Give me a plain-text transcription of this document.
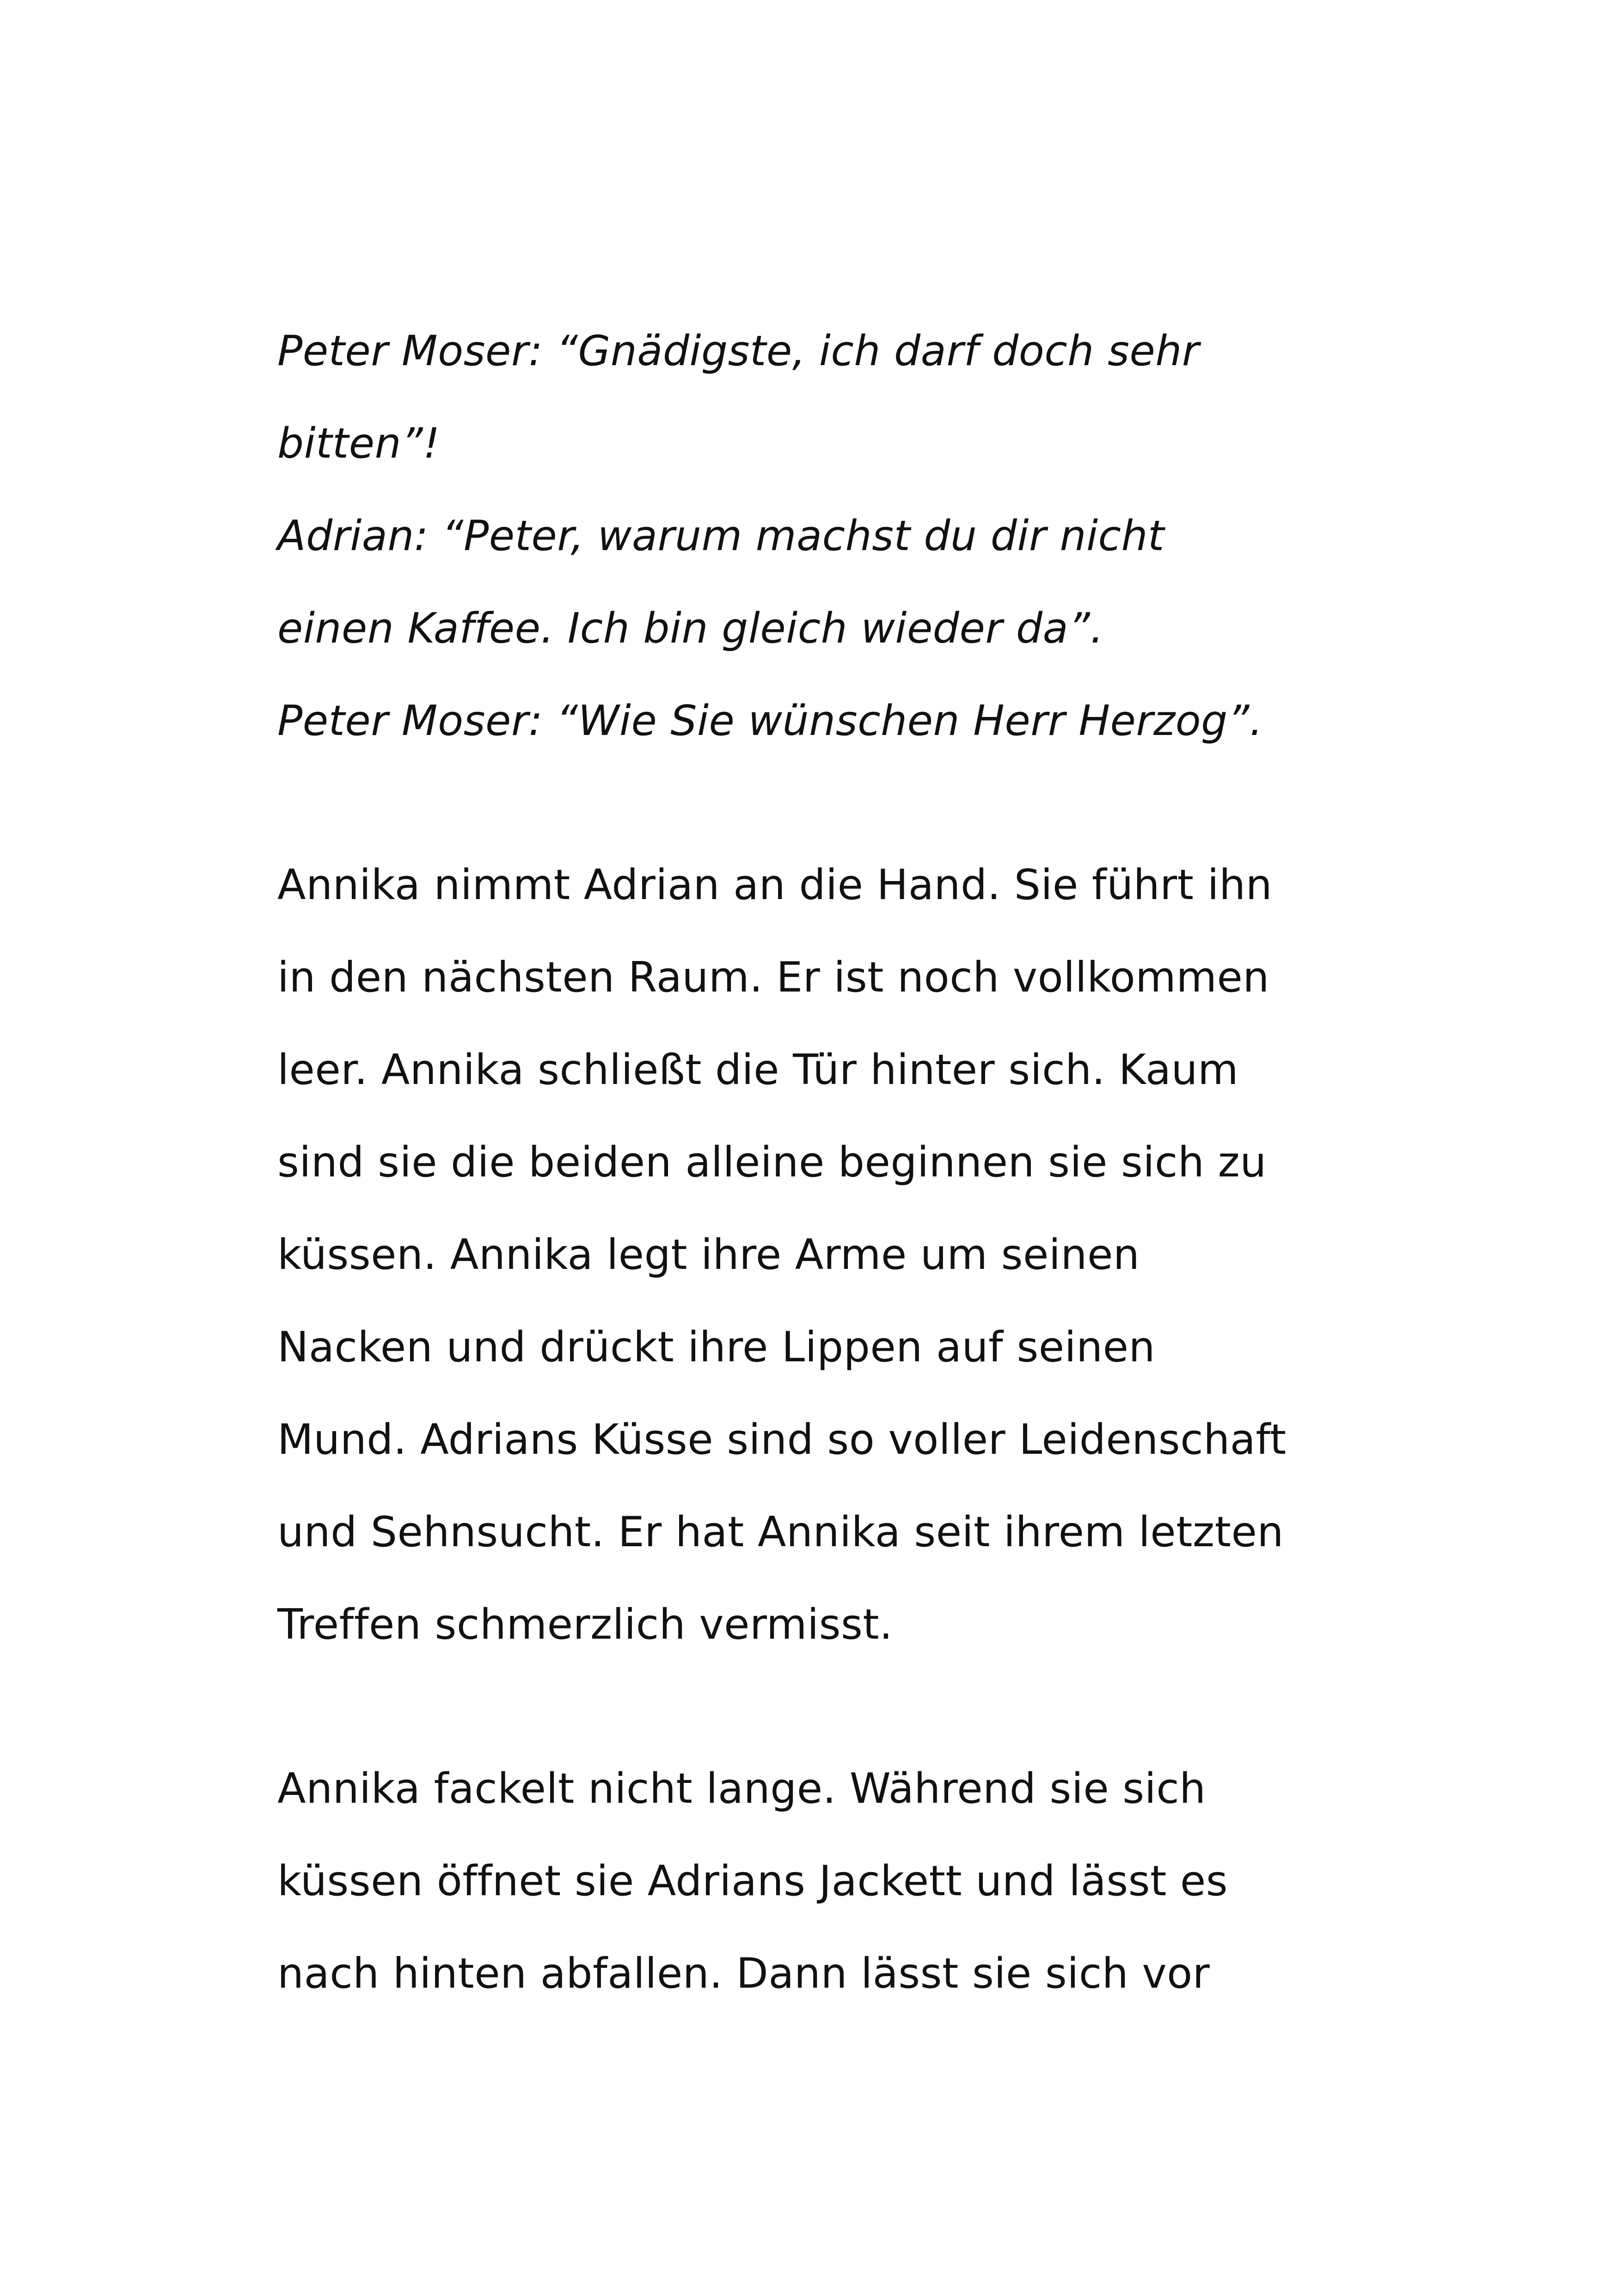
Peter Moser: “Gnädigste, ich darf doch sehr
bitten”!
Adrian: “Peter, warum machst du dir nicht
einen Kaffee. Ich bin gleich wieder da”.
Peter Moser: “Wie Sie wünschen Herr Herzog”.
Annika nimmt Adrian an die Hand. Sie führt ihn
in den nächsten Raum. Er ist noch vollkommen
leer. Annika schließt die Tür hinter sich. Kaum
sind sie die beiden alleine beginnen sie sich zu
küssen. Annika legt ihre Arme um seinen
Nacken und drückt ihre Lippen auf seinen
Mund. Adrians Küsse sind so voller Leidenschaft
und Sehnsucht. Er hat Annika seit ihrem letzten
Treffen schmerzlich vermisst.
Annika fackelt nicht lange. Während sie sich
küssen öffnet sie Adrians Jackett und lässt es
nach hinten abfallen. Dann lässt sie sich vor
